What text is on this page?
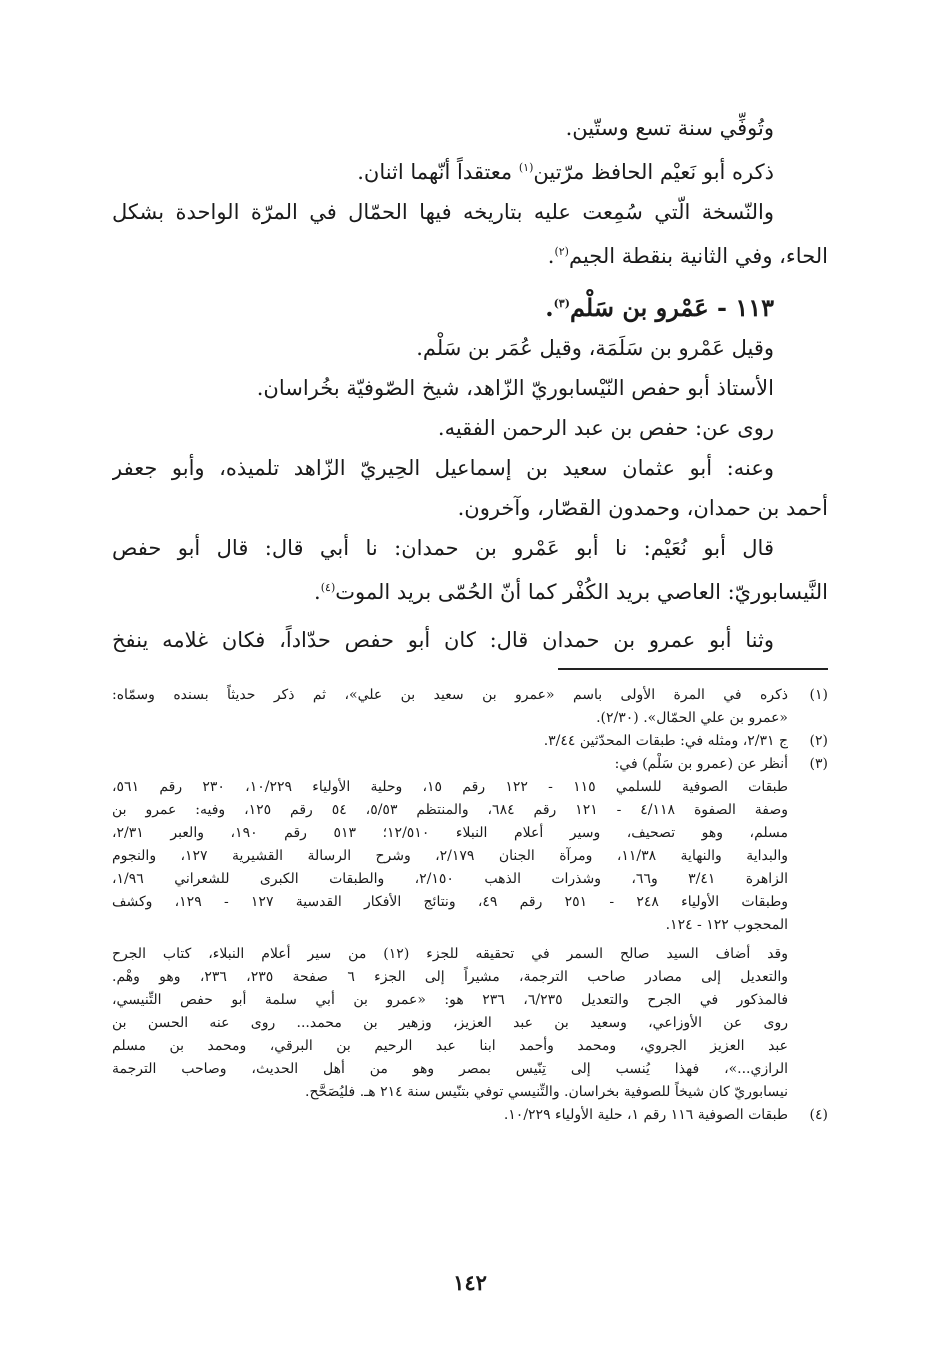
وتُوفِّي سنة تسع وستّين.

ذكره أبو نَعيْم الحافظ مرّتين$^{(١)}$ معتقداً أنّهما اثنان.

والنّسخة الّتي سُمِعت عليه بتاريخه فيها الحمّال في المرّة الواحدة بشكل

الحاء، وفي الثانية بنقطة الجيم$^{(٢)}$.

١١٣ - عَمْرو بن سَلْم$^{(٣)}$.

وقيل عَمْرو بن سَلَمَة، وقيل عُمَر بن سَلْم.

الأستاذ أبو حفص النّيْسابوريّ الزّاهد، شيخ الصّوفيّة بخُراسان.

روى عن: حفص بن عبد الرحمن الفقيه.

وعنه: أبو عثمان سعيد بن إسماعيل الحِيريّ الزّاهد تلميذه، وأبو جعفر

أحمد بن حمدان، وحمدون القصّار، وآخرون.

قال أبو نُعَيْم: نا أبو عَمْرو بن حمدان: نا أبي قال: قال أبو حفص

النَّيسابوريّ: العاصي بريد الكُفْر كما أنّ الحُمّى بريد الموت$^{(٤)}$.

وثنا أبو عمرو بن حمدان قال: كان أبو حفص حدّاداً، فكان غلامه ينفخ

(١)
ذكره في المرة الأولى باسم «عمرو بن سعيد بن علي»، ثم ذكر حديثاً بسنده وسمّاه:
«عمرو بن علي الحمّال». (٢/٣٠).
(٢)
ج ٢/٣١، ومثله في: طبقات المحدّثين ٣/٤٤.
(٣)
أنظر عن (عمرو بن سَلْم) في:
طبقات الصوفية للسلمي ١١٥ - ١٢٢ رقم ١٥، وحلية الأولياء ١٠/٢٢٩، ٢٣٠ رقم ٥٦١،
وصفة الصفوة ٤/١١٨ - ١٢١ رقم ٦٨٤، والمنتظم ٥/٥٣، ٥٤ رقم ١٢٥، وفيه: عمرو بن
مسلم، وهو تصحيف، وسير أعلام النبلاء ١٢/٥١٠؛ ٥١٣ رقم ١٩٠، والعبر ٢/٣١،
والبداية والنهاية ١١/٣٨، ومرآة الجنان ٢/١٧٩، وشرح الرسالة القشيرية ١٢٧، والنجوم
الزاهرة ٣/٤١ و٦٦، وشذرات الذهب ٢/١٥٠، والطبقات الكبرى للشعراني ١/٩٦،
وطبقات الأولياء ٢٤٨ - ٢٥١ رقم ٤٩، ونتائج الأفكار القدسية ١٢٧ - ١٢٩، وكشف
المحجوب ١٢٢ - ١٢٤.
وقد أضاف السيد صالح السمر في تحقيقه للجزء (١٢) من سير أعلام النبلاء، كتاب الجرح
والتعديل إلى مصادر صاحب الترجمة، مشيراً إلى الجزء ٦ صفحة ٢٣٥، ٢٣٦، وهو وهْم.
فالمذكور في الجرح والتعديل ٦/٢٣٥، ٢٣٦ هو: «عمرو بن أبي سلمة أبو حفص التِّنيسي،
روى عن الأوزاعي، وسعيد بن عبد العزيز، وزهير بن محمد... روى عنه الحسن بن
عبد العزيز الجروي، ومحمد وأحمد ابنا عبد الرحيم بن البرقي، ومحمد بن مسلم
الرازي...»، فهذا يُنسب إلى تِنّيس بمصر وهو من أهل الحديث، وصاحب الترجمة
نيسابوريّ كان شيخاً للصوفية بخراسان. والتِّنيسي توفي بتنّيس سنة ٢١٤ هـ. فليُصَحَّح.
(٤)
طبقات الصوفية ١١٦ رقم ١، حلية الأولياء ١٠/٢٢٩.
١٤٢
